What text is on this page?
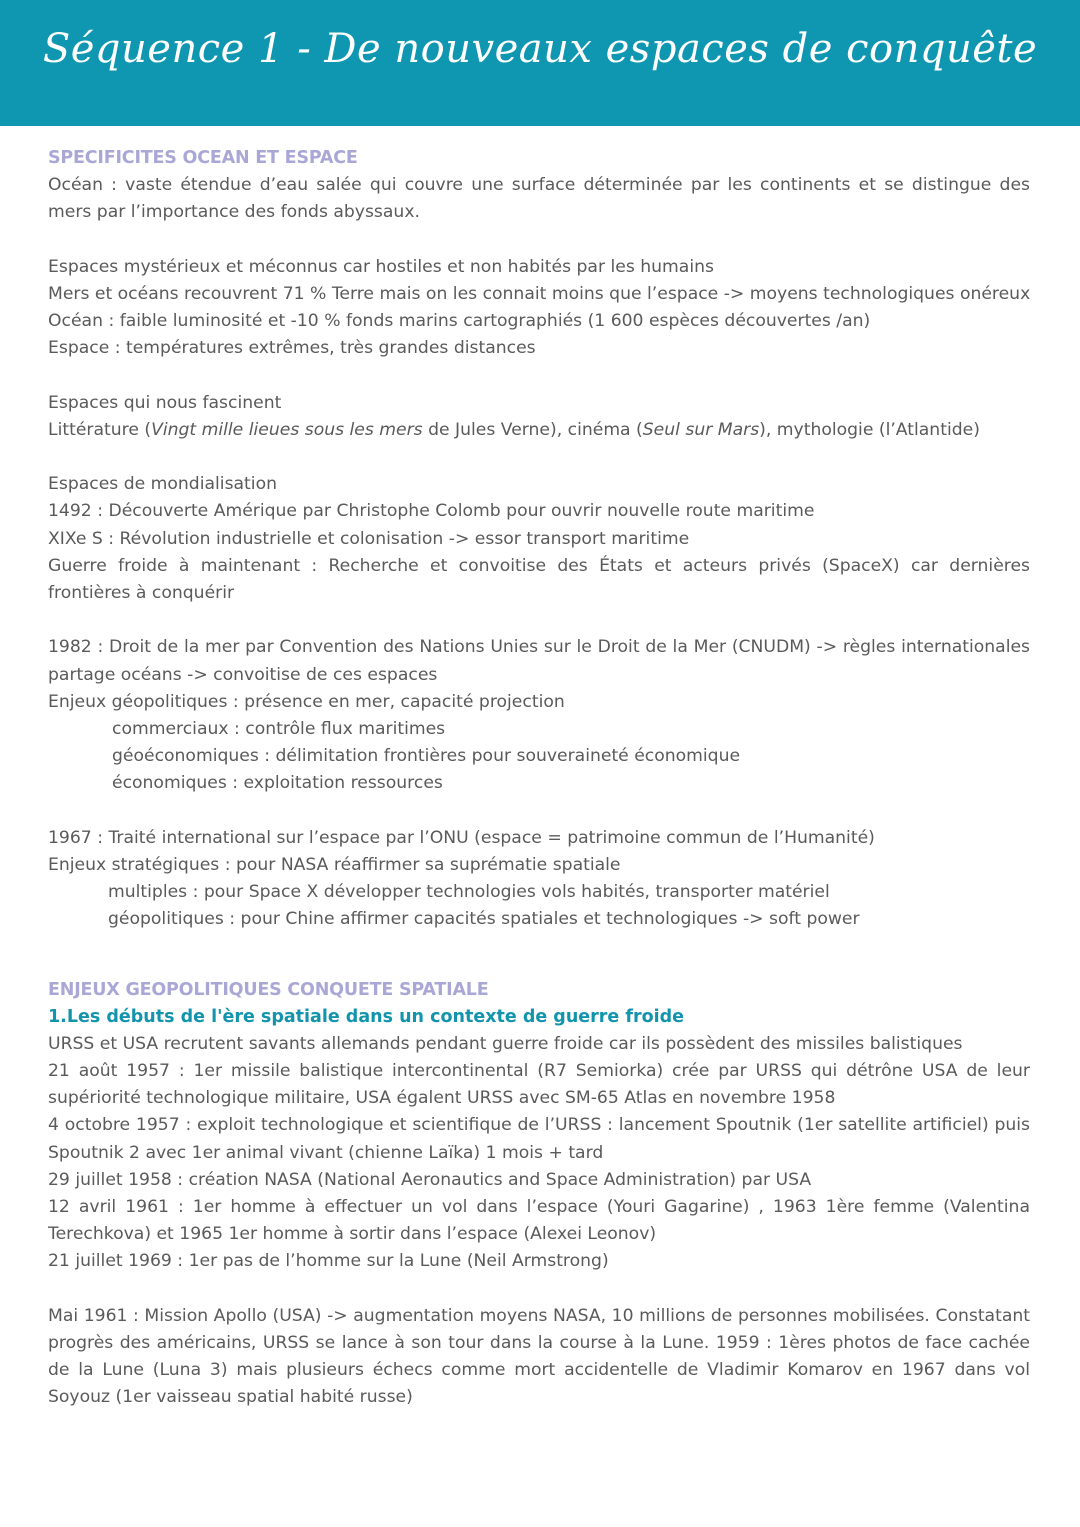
Séquence 1 - De nouveaux espaces de conquête
SPECIFICITES OCEAN ET ESPACE
Océan : vaste étendue d’eau salée qui couvre une surface déterminée par les continents et se distingue des mers par l’importance des fonds abyssaux.
Espaces mystérieux et méconnus car hostiles et non habités par les humains
Mers et océans recouvrent 71 % Terre mais on les connait moins que l’espace -> moyens technologiques onéreux
Océan : faible luminosité et -10 % fonds marins cartographiés (1 600 espèces découvertes /an)
Espace : températures extrêmes, très grandes distances
Espaces qui nous fascinent
Littérature (Vingt mille lieues sous les mers de Jules Verne), cinéma (Seul sur Mars), mythologie (l’Atlantide)
Espaces de mondialisation
1492 : Découverte Amérique par Christophe Colomb pour ouvrir nouvelle route maritime
XIXe S : Révolution industrielle et colonisation -> essor transport maritime
Guerre froide à maintenant : Recherche et convoitise des États et acteurs privés (SpaceX) car dernières frontières à conquérir
1982 : Droit de la mer par Convention des Nations Unies sur le Droit de la Mer (CNUDM) -> règles internationales partage océans -> convoitise de ces espaces
Enjeux géopolitiques : présence en mer, capacité projection
commerciaux : contrôle flux maritimes
géoéconomiques : délimitation frontières pour souveraineté économique
économiques : exploitation ressources
1967 : Traité international sur l’espace par l’ONU (espace = patrimoine commun de l’Humanité)
Enjeux stratégiques : pour NASA réaffirmer sa suprématie spatiale
multiples : pour Space X développer technologies vols habités, transporter matériel
géopolitiques : pour Chine affirmer capacités spatiales et technologiques -> soft power
ENJEUX GEOPOLITIQUES CONQUETE SPATIALE
1.Les débuts de l'ère spatiale dans un contexte de guerre froide
URSS et USA recrutent savants allemands pendant guerre froide car ils possèdent des missiles balistiques
21 août 1957 : 1er missile balistique intercontinental (R7 Semiorka) crée par URSS qui détrône USA de leur supériorité technologique militaire, USA égalent URSS avec SM-65 Atlas en novembre 1958
4 octobre 1957 : exploit technologique et scientifique de l’URSS : lancement Spoutnik (1er satellite artificiel) puis Spoutnik 2 avec 1er animal vivant (chienne Laïka) 1 mois + tard
29 juillet 1958 : création NASA (National Aeronautics and Space Administration) par USA
12 avril 1961 : 1er homme à effectuer un vol dans l’espace (Youri Gagarine) , 1963 1ère femme (Valentina Terechkova) et 1965 1er homme à sortir dans l’espace (Alexei Leonov)
21 juillet 1969 : 1er pas de l’homme sur la Lune (Neil Armstrong)
Mai 1961 : Mission Apollo (USA) -> augmentation moyens NASA, 10 millions de personnes mobilisées. Constatant progrès des américains, URSS se lance à son tour dans la course à la Lune. 1959 : 1ères photos de face cachée de la Lune (Luna 3) mais plusieurs échecs comme mort accidentelle de Vladimir Komarov en 1967 dans vol Soyouz (1er vaisseau spatial habité russe)
